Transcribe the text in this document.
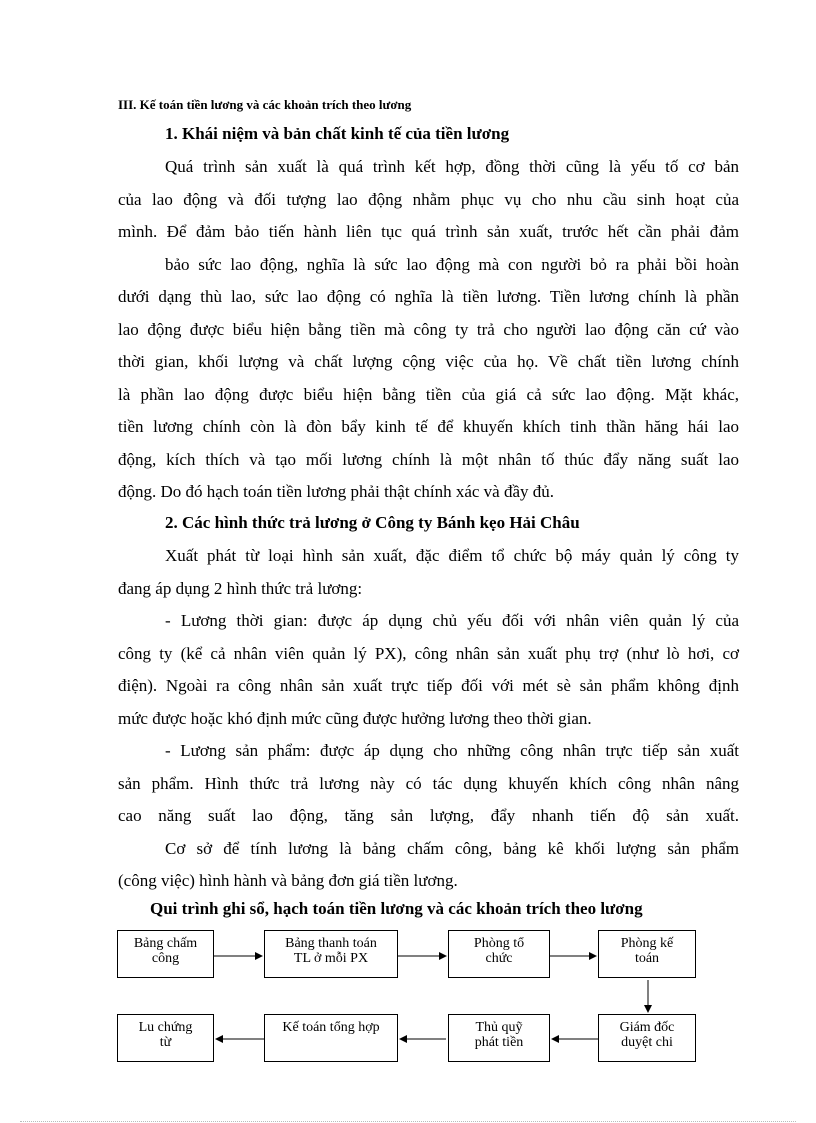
III. Kế toán tiền lương và các khoản trích theo lương
1. Khái niệm và bản chất kinh tế của tiền lương
Quá trình sản xuất là quá trình kết hợp, đồng thời cũng là yếu tố cơ bản
của lao động và đối tượng lao động nhằm phục vụ cho nhu cầu sinh hoạt của
mình. Để đảm bảo tiến hành liên tục quá trình sản xuất, trước hết cần phải đảm
bảo sức lao động, nghĩa là sức lao động mà con người bỏ ra phải bồi hoàn
dưới dạng thù lao, sức lao động có nghĩa là tiền lương. Tiền lương chính là phần
lao động được biểu hiện bằng tiền mà công ty trả cho người lao động căn cứ vào
thời gian, khối lượng và chất lượng cộng việc của họ. Về chất tiền lương chính
là phần lao động được biểu hiện bằng tiền của giá cả sức lao động. Mặt khác,
tiền lương chính còn là đòn bẩy kinh tế để khuyến khích tinh thần hăng hái lao
động, kích thích và tạo mối lương chính là một nhân tố thúc đẩy năng suất lao
động. Do đó hạch toán tiền lương phải thật chính xác và đầy đủ.
2. Các hình thức trả lương ở Công ty Bánh kẹo Hải Châu
Xuất phát từ loại hình sản xuất, đặc điểm tổ chức bộ máy quản lý công ty
đang áp dụng 2 hình thức trả lương:
- Lương thời gian: được áp dụng chủ yếu đối với nhân viên quản lý của
công ty (kể cả nhân viên quản lý PX), công nhân sản xuất phụ trợ (như lò hơi, cơ
điện). Ngoài ra công nhân sản xuất trực tiếp đối với mét sè sản phẩm không định
mức được hoặc khó định mức cũng được hưởng lương theo thời gian.
- Lương sản phẩm: được áp dụng cho những công nhân trực tiếp sản xuất
sản phẩm. Hình thức trả lương này có tác dụng khuyến khích công nhân nâng
cao năng suất lao động, tăng sản lượng, đẩy nhanh tiến độ sản xuất.
Cơ sở để tính lương là bảng chấm công, bảng kê khối lượng sản phẩm
(công việc) hình hành và bảng đơn giá tiền lương.
Qui trình ghi sổ, hạch toán tiền lương và các khoản trích theo lương
Bảng chấm
công
Bảng thanh toán
TL ở mỗi PX
Phòng tổ
chức
Phòng kế
toán
Lu chứng
từ
Kế toán tổng hợp	Thủ quỹ
phát tiền
Giám đốc
duyệt chi
